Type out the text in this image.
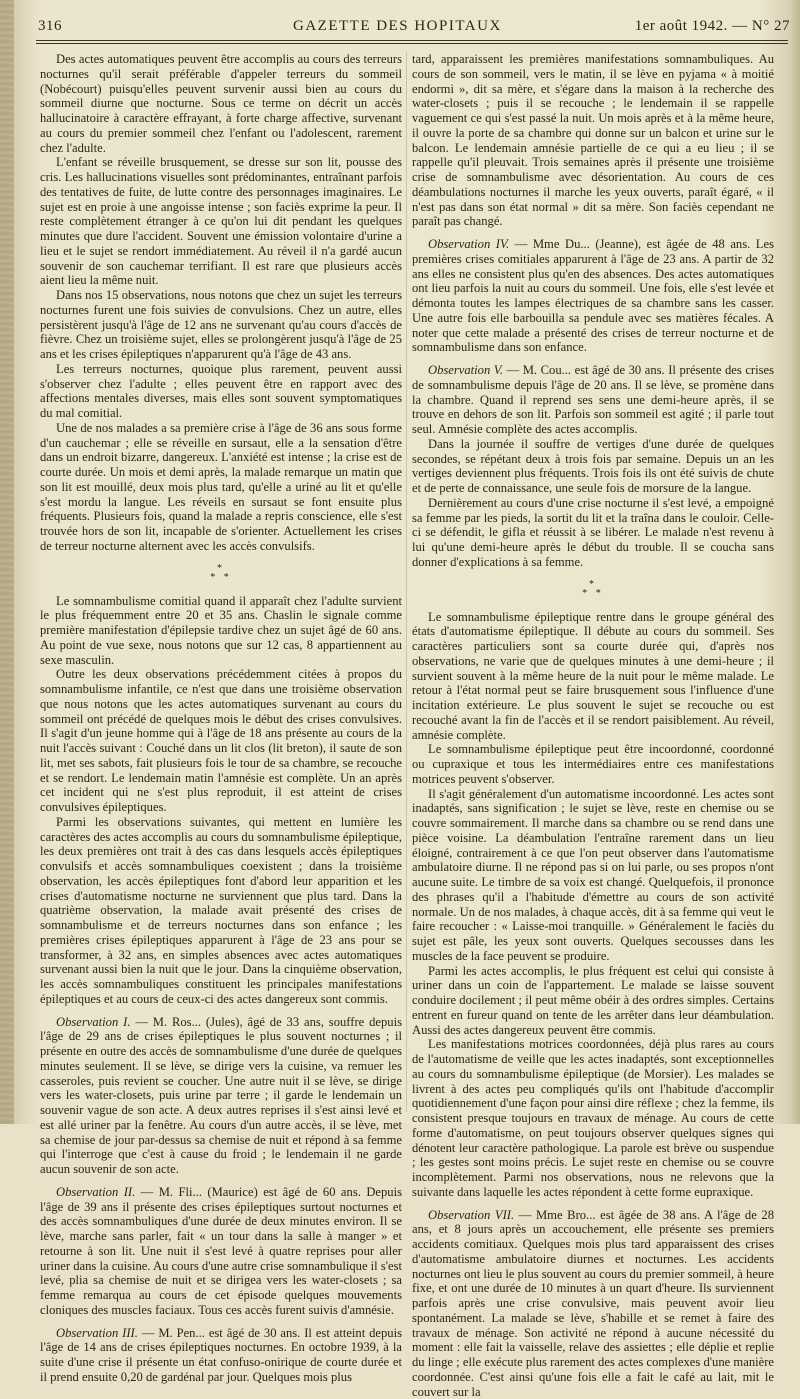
316	GAZETTE DES HOPITAUX	1er août 1942. — N° 27

Des actes automatiques peuvent être accomplis au cours des terreurs nocturnes qu'il serait préférable d'appeler terreurs du sommeil (Nobécourt) puisqu'elles peuvent survenir aussi bien au cours du sommeil diurne que nocturne. Sous ce terme on décrit un accès hallucinatoire à caractère effrayant, à forte charge affective, survenant au cours du premier sommeil chez l'enfant ou l'adolescent, rarement chez l'adulte.

L'enfant se réveille brusquement, se dresse sur son lit, pousse des cris. Les hallucinations visuelles sont prédominantes, entraînant parfois des tentatives de fuite, de lutte contre des personnages imaginaires. Le sujet est en proie à une angoisse intense ; son faciès exprime la peur. Il reste complètement étranger à ce qu'on lui dit pendant les quelques minutes que dure l'accident. Souvent une émission volontaire d'urine a lieu et le sujet se rendort immédiatement. Au réveil il n'a gardé aucun souvenir de son cauchemar terrifiant. Il est rare que plusieurs accès aient lieu la même nuit.

Dans nos 15 observations, nous notons que chez un sujet les terreurs nocturnes furent une fois suivies de convulsions. Chez un autre, elles persistèrent jusqu'à l'âge de 12 ans ne survenant qu'au cours d'accès de fièvre. Chez un troisième sujet, elles se prolongèrent jusqu'à l'âge de 25 ans et les crises épileptiques n'apparurent qu'à l'âge de 43 ans.

Les terreurs nocturnes, quoique plus rarement, peuvent aussi s'observer chez l'adulte ; elles peuvent être en rapport avec des affections mentales diverses, mais elles sont souvent symptomatiques du mal comitial.

Une de nos malades a sa première crise à l'âge de 36 ans sous forme d'un cauchemar ; elle se réveille en sursaut, elle a la sensation d'être dans un endroit bizarre, dangereux. L'anxiété est intense ; la crise est de courte durée. Un mois et demi après, la malade remarque un matin que son lit est mouillé, deux mois plus tard, qu'elle a uriné au lit et qu'elle s'est mordu la langue. Les réveils en sursaut se font ensuite plus fréquents. Plusieurs fois, quand la malade a repris conscience, elle s'est trouvée hors de son lit, incapable de s'orienter. Actuellement les crises de terreur nocturne alternent avec les accès convulsifs.

*
* *

Le somnambulisme comitial quand il apparaît chez l'adulte survient le plus fréquemment entre 20 et 35 ans. Chaslin le signale comme première manifestation d'épilepsie tardive chez un sujet âgé de 60 ans. Au point de vue sexe, nous notons que sur 12 cas, 8 appartiennent au sexe masculin.

Outre les deux observations précédemment citées à propos du somnambulisme infantile, ce n'est que dans une troisième observation que nous notons que les actes automatiques survenant au cours du sommeil ont précédé de quelques mois le début des crises convulsives. Il s'agit d'un jeune homme qui à l'âge de 18 ans présente au cours de la nuit l'accès suivant : Couché dans un lit clos (lit breton), il saute de son lit, met ses sabots, fait plusieurs fois le tour de sa chambre, se recouche et se rendort. Le lendemain matin l'amnésie est complète. Un an après cet incident qui ne s'est plus reproduit, il est atteint de crises convulsives épileptiques.

Parmi les observations suivantes, qui mettent en lumière les caractères des actes accomplis au cours du somnambulisme épileptique, les deux premières ont trait à des cas dans lesquels accès épileptiques convulsifs et accès somnambuliques coexistent ; dans la troisième observation, les accès épileptiques font d'abord leur apparition et les crises d'automatisme nocturne ne surviennent que plus tard. Dans la quatrième observation, la malade avait présenté des crises de somnambulisme et de terreurs nocturnes dans son enfance ; les premières crises épileptiques apparurent à l'âge de 23 ans pour se transformer, à 32 ans, en simples absences avec actes automatiques survenant aussi bien la nuit que le jour. Dans la cinquième observation, les accès somnambuliques constituent les principales manifestations épileptiques et au cours de ceux-ci des actes dangereux sont commis.

Observation I. — M. Ros... (Jules), âgé de 33 ans, souffre depuis l'âge de 29 ans de crises épileptiques le plus souvent nocturnes ; il présente en outre des accès de somnambulisme d'une durée de quelques minutes seulement. Il se lève, se dirige vers la cuisine, va remuer les casseroles, puis revient se coucher. Une autre nuit il se lève, se dirige vers les water-closets, puis urine par terre ; il garde le lendemain un souvenir vague de son acte. A deux autres reprises il s'est ainsi levé et est allé uriner par la fenêtre. Au cours d'un autre accès, il se lève, met sa chemise de jour par-dessus sa chemise de nuit et répond à sa femme qui l'interroge que c'est à cause du froid ; le lendemain il ne garde aucun souvenir de son acte.

Observation II. — M. Fli... (Maurice) est âgé de 60 ans. Depuis l'âge de 39 ans il présente des crises épileptiques surtout nocturnes et des accès somnambuliques d'une durée de deux minutes environ. Il se lève, marche sans parler, fait « un tour dans la salle à manger » et retourne à son lit. Une nuit il s'est levé à quatre reprises pour aller uriner dans la cuisine. Au cours d'une autre crise somnambulique il s'est levé, plia sa chemise de nuit et se dirigea vers les water-closets ; sa femme remarqua au cours de cet épisode quelques mouvements cloniques des muscles faciaux. Tous ces accès furent suivis d'amnésie.

Observation III. — M. Pen... est âgé de 30 ans. Il est atteint depuis l'âge de 14 ans de crises épileptiques nocturnes. En octobre 1939, à la suite d'une crise il présente un état confuso-onirique de courte durée et il prend ensuite 0,20 de gardénal par jour. Quelques mois plus

tard, apparaissent les premières manifestations somnambuliques. Au cours de son sommeil, vers le matin, il se lève en pyjama « à moitié endormi », dit sa mère, et s'égare dans la maison à la recherche des water-closets ; puis il se recouche ; le lendemain il se rappelle vaguement ce qui s'est passé la nuit. Un mois après et à la même heure, il ouvre la porte de sa chambre qui donne sur un balcon et urine sur le balcon. Le lendemain amnésie partielle de ce qui a eu lieu ; il se rappelle qu'il pleuvait. Trois semaines après il présente une troisième crise de somnambulisme avec désorientation. Au cours de ces déambulations nocturnes il marche les yeux ouverts, paraît égaré, « il n'est pas dans son état normal » dit sa mère. Son faciès cependant ne paraît pas changé.

Observation IV. — Mme Du... (Jeanne), est âgée de 48 ans. Les premières crises comitiales apparurent à l'âge de 23 ans. A partir de 32 ans elles ne consistent plus qu'en des absences. Des actes automatiques ont lieu parfois la nuit au cours du sommeil. Une fois, elle s'est levée et démonta toutes les lampes électriques de sa chambre sans les casser. Une autre fois elle barbouilla sa pendule avec ses matières fécales. A noter que cette malade a présenté des crises de terreur nocturne et de somnambulisme dans son enfance.

Observation V. — M. Cou... est âgé de 30 ans. Il présente des crises de somnambulisme depuis l'âge de 20 ans. Il se lève, se promène dans la chambre. Quand il reprend ses sens une demi-heure après, il se trouve en dehors de son lit. Parfois son sommeil est agité ; il parle tout seul. Amnésie complète des actes accomplis.

Dans la journée il souffre de vertiges d'une durée de quelques secondes, se répétant deux à trois fois par semaine. Depuis un an les vertiges deviennent plus fréquents. Trois fois ils ont été suivis de chute et de perte de connaissance, une seule fois de morsure de la langue.

Dernièrement au cours d'une crise nocturne il s'est levé, a empoigné sa femme par les pieds, la sortit du lit et la traîna dans le couloir. Celle-ci se défendit, le gifla et réussit à se libérer. Le malade n'est revenu à lui qu'une demi-heure après le début du trouble. Il se coucha sans donner d'explications à sa femme.

*
* *

Le somnambulisme épileptique rentre dans le groupe général des états d'automatisme épileptique. Il débute au cours du sommeil. Ses caractères particuliers sont sa courte durée qui, d'après nos observations, ne varie que de quelques minutes à une demi-heure ; il survient souvent à la même heure de la nuit pour le même malade. Le retour à l'état normal peut se faire brusquement sous l'influence d'une incitation extérieure. Le plus souvent le sujet se recouche ou est recouché avant la fin de l'accès et il se rendort paisiblement. Au réveil, amnésie complète.

Le somnambulisme épileptique peut être incoordonné, coordonné ou cupraxique et tous les intermédiaires entre ces manifestations motrices peuvent s'observer.

Il s'agit généralement d'un automatisme incoordonné. Les actes sont inadaptés, sans signification ; le sujet se lève, reste en chemise ou se couvre sommairement. Il marche dans sa chambre ou se rend dans une pièce voisine. La déambulation l'entraîne rarement dans un lieu éloigné, contrairement à ce que l'on peut observer dans l'automatisme ambulatoire diurne. Il ne répond pas si on lui parle, ou ses propos n'ont aucune suite. Le timbre de sa voix est changé. Quelquefois, il prononce des phrases qu'il a l'habitude d'émettre au cours de son activité normale. Un de nos malades, à chaque accès, dit à sa femme qui veut le faire recoucher : « Laisse-moi tranquille. » Généralement le faciès du sujet est pâle, les yeux sont ouverts. Quelques secousses dans les muscles de la face peuvent se produire.

Parmi les actes accomplis, le plus fréquent est celui qui consiste à uriner dans un coin de l'appartement. Le malade se laisse souvent conduire docilement ; il peut même obéir à des ordres simples. Certains entrent en fureur quand on tente de les arrêter dans leur déambulation. Aussi des actes dangereux peuvent être commis.

Les manifestations motrices coordonnées, déjà plus rares au cours de l'automatisme de veille que les actes inadaptés, sont exceptionnelles au cours du somnambulisme épileptique (de Morsier). Les malades se livrent à des actes peu compliqués qu'ils ont l'habitude d'accomplir quotidiennement d'une façon pour ainsi dire réflexe ; chez la femme, ils consistent presque toujours en travaux de ménage. Au cours de cette forme d'automatisme, on peut toujours observer quelques signes qui dénotent leur caractère pathologique. La parole est brève ou suspendue ; les gestes sont moins précis. Le sujet reste en chemise ou se couvre incomplètement. Parmi nos observations, nous ne relevons que la suivante dans laquelle les actes répondent à cette forme eupraxique.

Observation VII. — Mme Bro... est âgée de 38 ans. A l'âge de 28 ans, et 8 jours après un accouchement, elle présente ses premiers accidents comitiaux. Quelques mois plus tard apparaissent des crises d'automatisme ambulatoire diurnes et nocturnes. Les accidents nocturnes ont lieu le plus souvent au cours du premier sommeil, à heure fixe, et ont une durée de 10 minutes à un quart d'heure. Ils surviennent parfois après une crise convulsive, mais peuvent avoir lieu spontanément. La malade se lève, s'habille et se remet à faire des travaux de ménage. Son activité ne répond à aucune nécessité du moment : elle fait la vaisselle, relave des assiettes ; elle déplie et replie du linge ; elle exécute plus rarement des actes complexes d'une manière coordonnée. C'est ainsi qu'une fois elle a fait le café au lait, mit le couvert sur la
